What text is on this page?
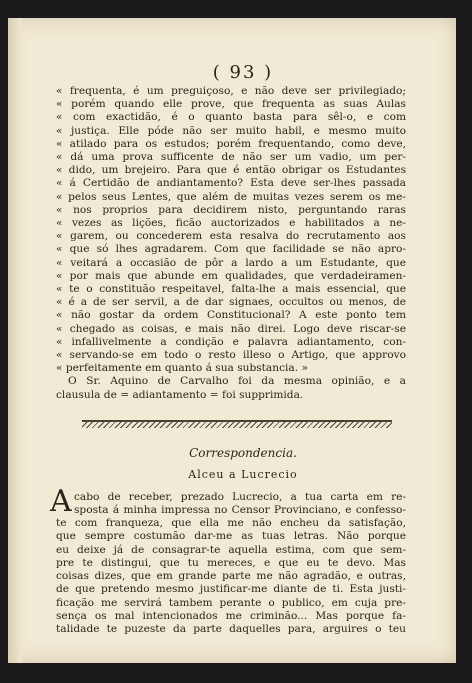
( 93 )
« frequenta, é um preguiçoso, e não deve ser privilegiado;
« porém quando elle prove, que frequenta as suas Aulas
« com exactidão, é o quanto basta para sêl-o, e com
« justiça. Elle póde não ser muito habil, e mesmo muito
« atilado para os estudos; porém frequentando, como deve,
« dá uma prova sufficente de não ser um vadio, um per-
« dido, um brejeiro. Para que é então obrigar os Estudantes
« á Certidão de andiantamento? Esta deve ser-lhes passada
« pelos seus Lentes, que além de muitas vezes serem os me-
« nos proprios para decidirem nisto, perguntando raras
« vezes as lições, ficão auctorizados e habilitados a ne-
« garem, ou concederem esta resalva do recrutamento aos
« que só lhes agradarem. Com que facilidade se não apro-
« veitará a occasião de pôr a lardo a um Estudante, que
« por mais que abunde em qualidades, que verdadeiramen-
« te o constituão respeitavel, falta-lhe a mais essencial, que
« é a de ser servil, a de dar signaes, occultos ou menos, de
« não gostar da ordem Constitucional? A este ponto tem
« chegado as coisas, e mais não direi. Logo deve riscar-se
« infallivelmente a condição e palavra adiantamento, con-
« servando-se em todo o resto illeso o Artigo, que approvo
« perfeitamente em quanto á sua substancia. »
O Sr. Aquino de Carvalho foi da mesma opinião, e a
clausula de = adiantamento = foi supprimida.
Correspondencia.
Alceu a Lucrecio
A cabo de receber, prezado Lucrecio, a tua carta em re-
sposta á minha impressa no Censor Provinciano, e confesso-
te com franqueza, que ella me não encheu da satisfação,
que sempre costumão dar-me as tuas letras. Não porque
eu deixe já de consagrar-te aquella estima, com que sem-
pre te distingui, que tu mereces, e que eu te devo. Mas
coisas dizes, que em grande parte me não agradão, e outras,
de que pretendo mesmo justificar-me diante de ti. Esta justi-
ficação me servirá tambem perante o publico, em cuja pre-
sença os mal intencionados me criminão... Mas porque fa-
talidade te puzeste da parte daquelles para, arguires o teu
